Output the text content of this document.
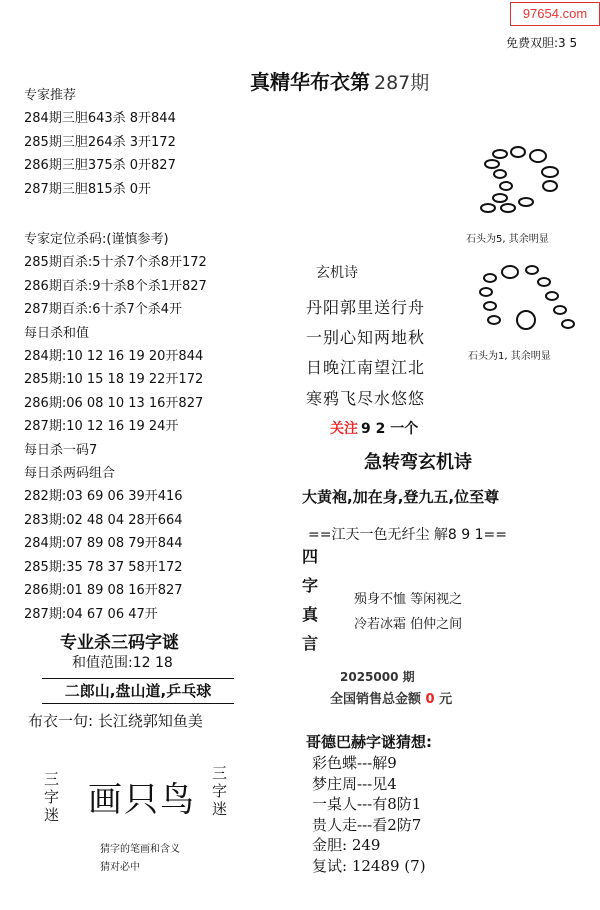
97654.com
免费双胆:3 5
真精华布衣第 287期
专家推荐
284期三胆643杀 8开844
285期三胆264杀 3开172
286期三胆375杀 0开827
287期三胆815杀 0开
专家定位杀码:(谨慎参考)
285期百杀:5十杀7个杀8开172
286期百杀:9十杀8个杀1开827
287期百杀:6十杀7个杀4开
每日杀和值
284期:10 12 16 19 20开844
285期:10 15 18 19 22开172
286期:06 08 10 13 16开827
287期:10 12 16 19 24开
每日杀一码7
每日杀两码组合
282期:03 69 06 39开416
283期:02 48 04 28开664
284期:07 89 08 79开844
285期:35 78 37 58开172
286期:01 89 08 16开827
287期:04 67 06 47开
专业杀三码字谜
和值范围:12 18
二郎山,盘山道,乒乓球
布衣一句: 长江绕郭知鱼美
三
字
迷 画只鸟
三
字
迷
猜字的笔画和含义
猜对必中
石头为5, 其余明显
石头为1, 其余明显
玄机诗
丹阳郭里送行舟
一别心知两地秋
日晚江南望江北
寒鸦飞尽水悠悠
关注 9 2 一个
急转弯玄机诗
大黄袍,加在身,登九五,位至尊
==江天一色无纤尘 解8 9 1==
四
字
真
言
殒身不恤 等闲视之
冷若冰霜 伯仲之间
2025000 期
全国销售总金额 0 元
哥德巴赫字谜猜想:
彩色蝶---解9
梦庄周---见4
一桌人---有8防1
贵人走---看2防7
金胆: 249
复试: 12489 (7)
